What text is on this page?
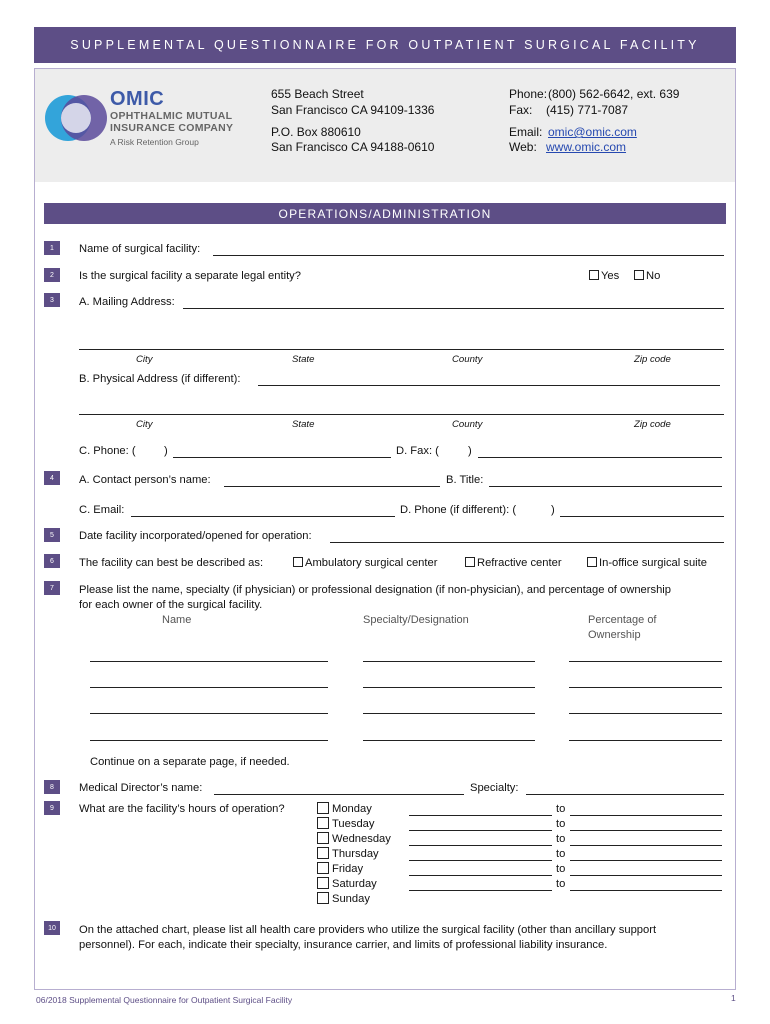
SUPPLEMENTAL QUESTIONNAIRE FOR OUTPATIENT SURGICAL FACILITY
OMIC
OPHTHALMIC MUTUAL
INSURANCE COMPANY
A Risk Retention Group
655 Beach Street
San Francisco CA 94109-1336
P.O. Box 880610
San Francisco CA 94188-0610
Phone: (800) 562-6642, ext. 639
Fax: (415) 771-7087
Email: omic@omic.com
Web: www.omic.com
OPERATIONS/ADMINISTRATION
1
2
3
4
5
6
7
8
9
10
Name of surgical facility:
Is the surgical facility a separate legal entity?	Yes	No
A. Mailing Address:
City	State	County	Zip code
B. Physical Address (if different):
City	State	County	Zip code
C. Phone: (	)	D. Fax: (	)
A. Contact person’s name:	B. Title:
C. Email:	D. Phone (if different): (	)
Date facility incorporated/opened for operation:
The facility can best be described as:	Ambulatory surgical center	Refractive center	In-office surgical suite
Please list the name, specialty (if physician) or professional designation (if non-physician), and percentage of ownership
for each owner of the surgical facility.
Name	Specialty/Designation	Percentage of
Ownership
Continue on a separate page, if needed.
Medical Director’s name:	Specialty:
What are the facility’s hours of operation?	Monday	to
Tuesday	to
Wednesday	to
Thursday	to
Friday	to
Saturday	to
Sunday
On the attached chart, please list all health care providers who utilize the surgical facility (other than ancillary support
personnel). For each, indicate their specialty, insurance carrier, and limits of professional liability insurance.
06/2018 Supplemental Questionnaire for Outpatient Surgical Facility	1
